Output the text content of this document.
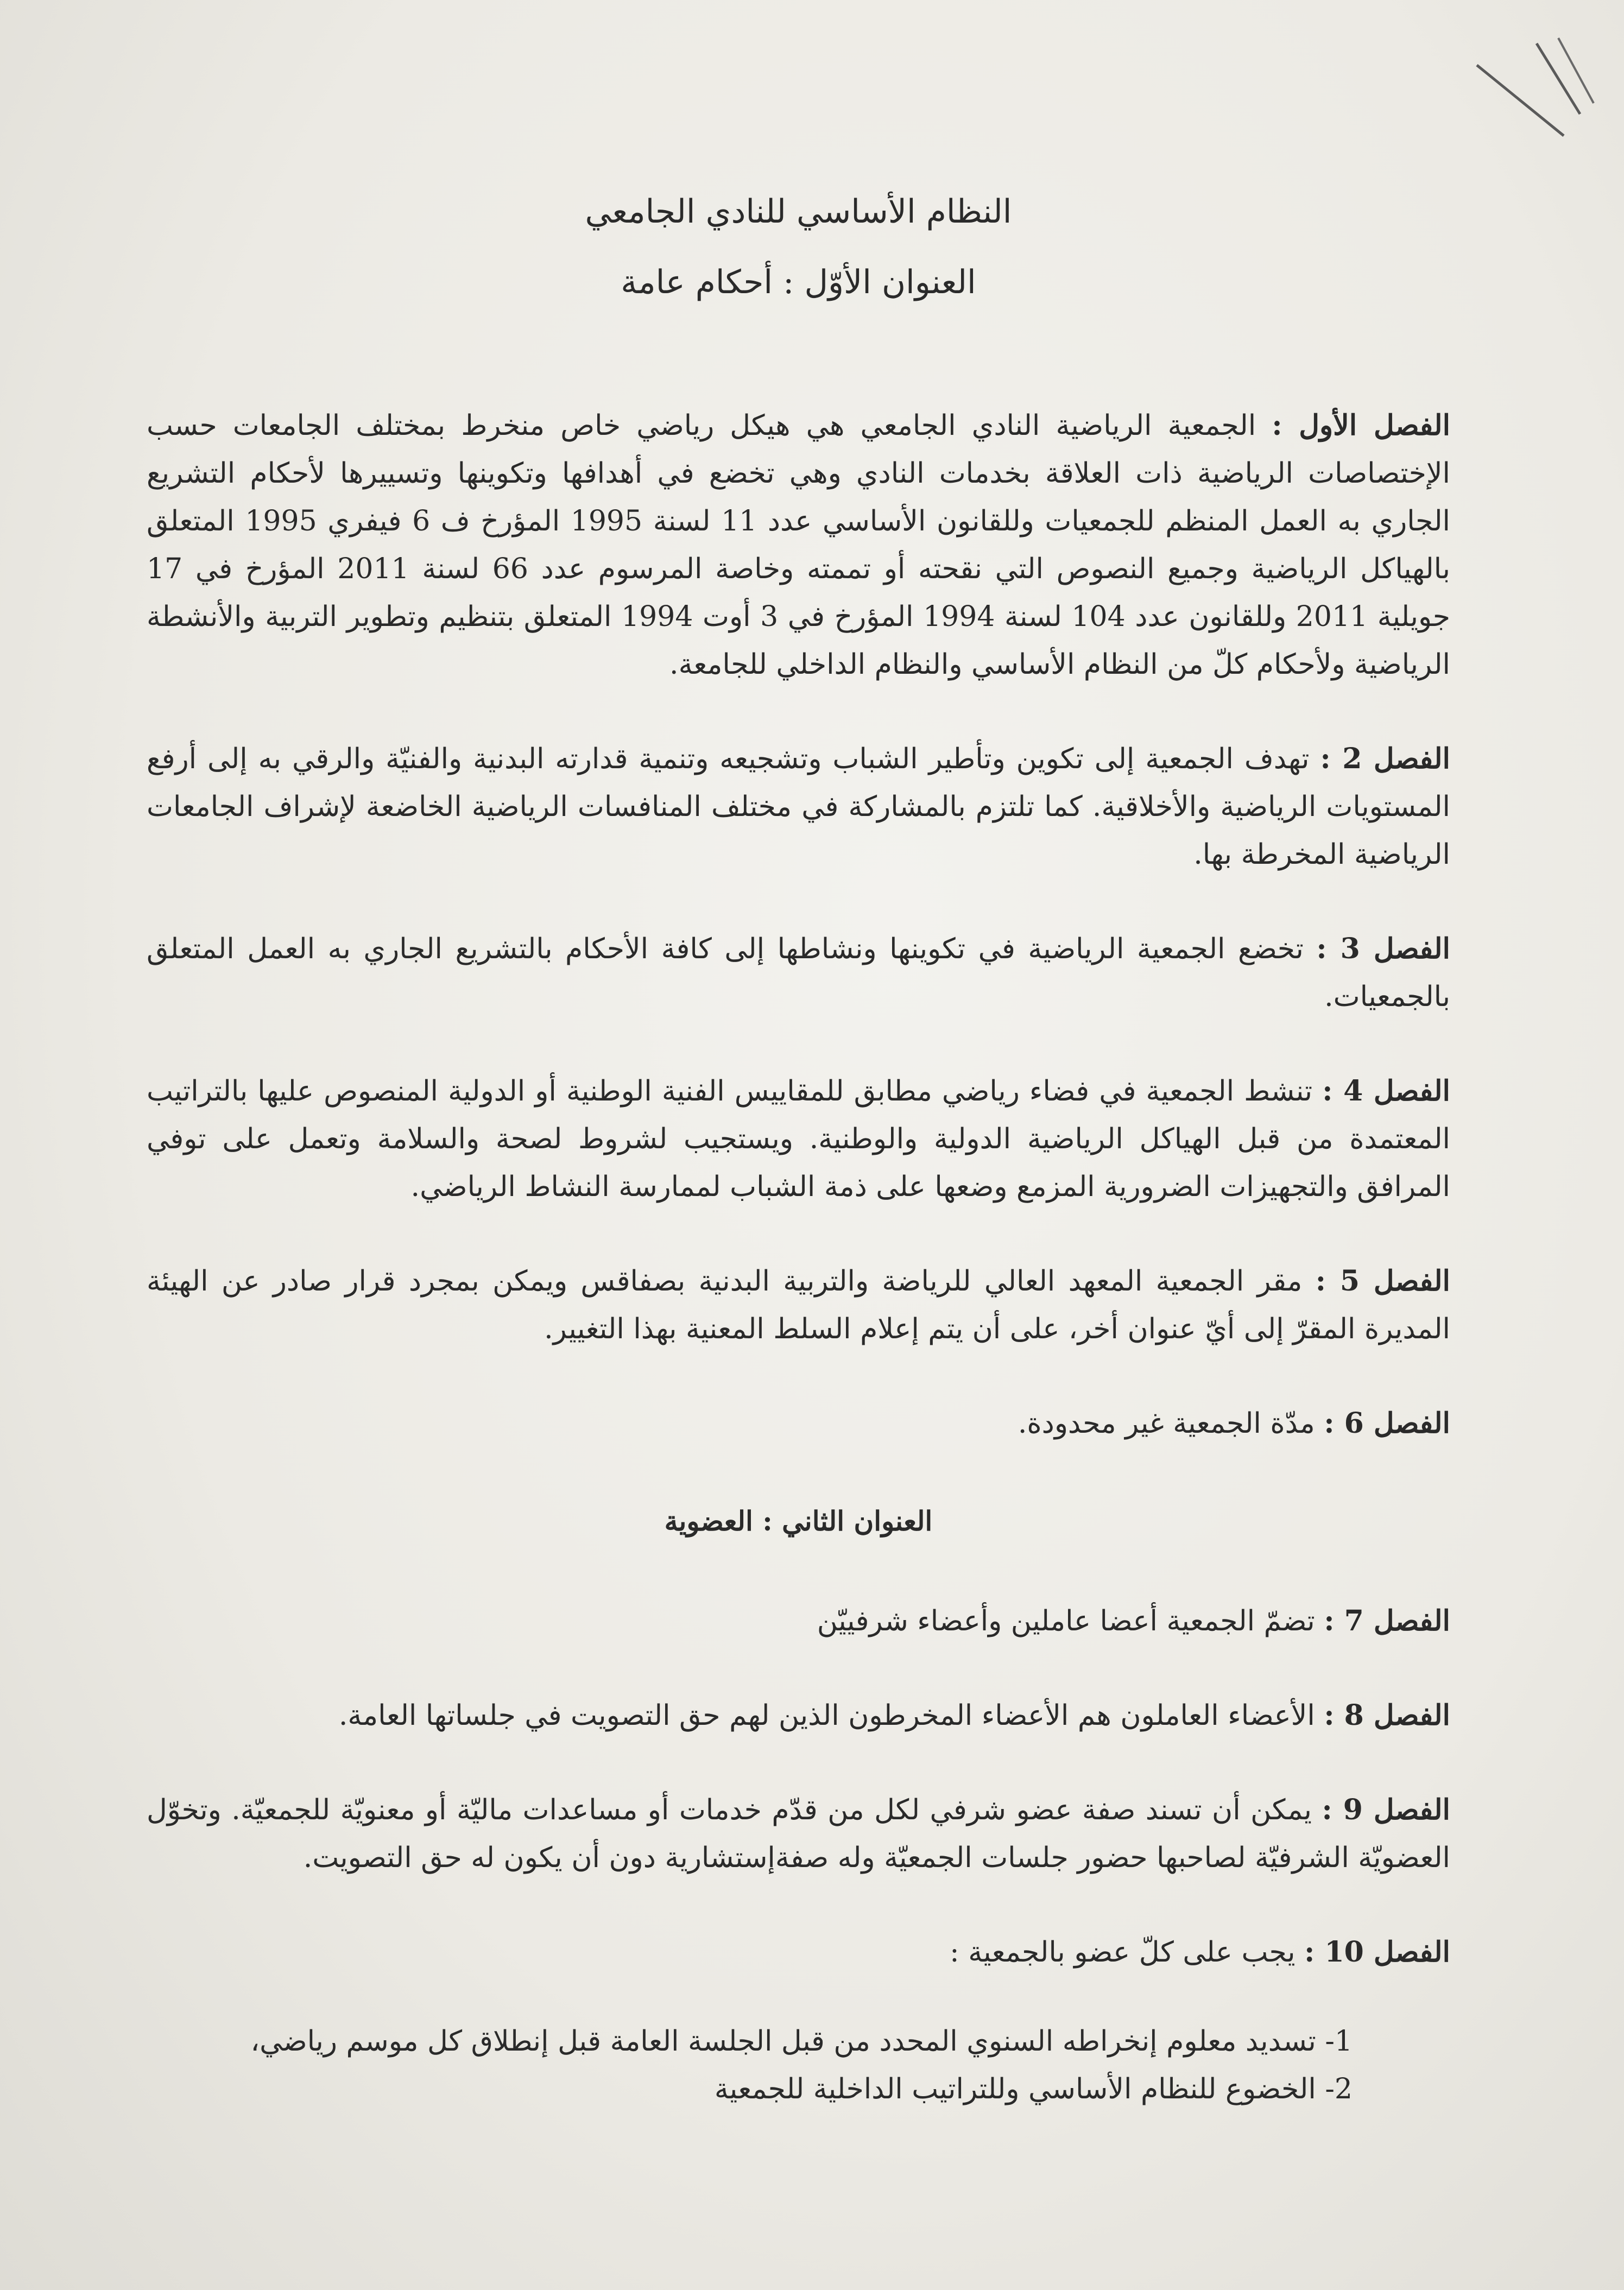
النظام الأساسي للنادي الجامعي
العنوان الأوّل : أحكام عامة

الفصل الأول : الجمعية الرياضية النادي الجامعي هي هيكل رياضي خاص منخرط بمختلف الجامعات حسب الإختصاصات الرياضية ذات العلاقة بخدمات النادي وهي تخضع في أهدافها وتكوينها وتسييرها لأحكام التشريع الجاري به العمل المنظم للجمعيات وللقانون الأساسي عدد 11 لسنة 1995 المؤرخ ف 6 فيفري 1995 المتعلق بالهياكل الرياضية وجميع النصوص التي نقحته أو تممته وخاصة المرسوم عدد 66 لسنة 2011 المؤرخ في 17 جويلية 2011 وللقانون عدد 104 لسنة 1994 المؤرخ في 3 أوت 1994 المتعلق بتنظيم وتطوير التربية والأنشطة الرياضية ولأحكام كلّ من النظام الأساسي والنظام الداخلي للجامعة.

الفصل 2 : تهدف الجمعية إلى تكوين وتأطير الشباب وتشجيعه وتنمية قدارته البدنية والفنيّة والرقي به إلى أرفع المستويات الرياضية والأخلاقية. كما تلتزم بالمشاركة في مختلف المنافسات الرياضية الخاضعة لإشراف الجامعات الرياضية المخرطة بها.

الفصل 3 : تخضع الجمعية الرياضية في تكوينها ونشاطها إلى كافة الأحكام بالتشريع الجاري به العمل المتعلق بالجمعيات.

الفصل 4 : تنشط الجمعية في فضاء رياضي مطابق للمقاييس الفنية الوطنية أو الدولية المنصوص عليها بالتراتيب المعتمدة من قبل الهياكل الرياضية الدولية والوطنية. ويستجيب لشروط لصحة والسلامة وتعمل على توفي المرافق والتجهيزات الضرورية المزمع وضعها على ذمة الشباب لممارسة النشاط الرياضي.

الفصل 5 : مقر الجمعية المعهد العالي للرياضة والتربية البدنية بصفاقس ويمكن بمجرد قرار صادر عن الهيئة المديرة المقرّ إلى أيّ عنوان أخر، على أن يتم إعلام السلط المعنية بهذا التغيير.

الفصل 6 : مدّة الجمعية غير محدودة.

العنوان الثاني : العضوية

الفصل 7 : تضمّ الجمعية أعضا عاملين وأعضاء شرفييّن

الفصل 8 : الأعضاء العاملون هم الأعضاء المخرطون الذين لهم حق التصويت في جلساتها العامة.

الفصل 9 : يمكن أن تسند صفة عضو شرفي لكل من قدّم خدمات أو مساعدات ماليّة أو معنويّة للجمعيّة. وتخوّل العضويّة الشرفيّة لصاحبها حضور جلسات الجمعيّة وله صفةإستشارية دون أن يكون له حق التصويت.

الفصل 10 : يجب على كلّ عضو بالجمعية :

1- تسديد معلوم إنخراطه السنوي المحدد من قبل الجلسة العامة قبل إنطلاق كل موسم رياضي،
2- الخضوع للنظام الأساسي وللتراتيب الداخلية للجمعية
